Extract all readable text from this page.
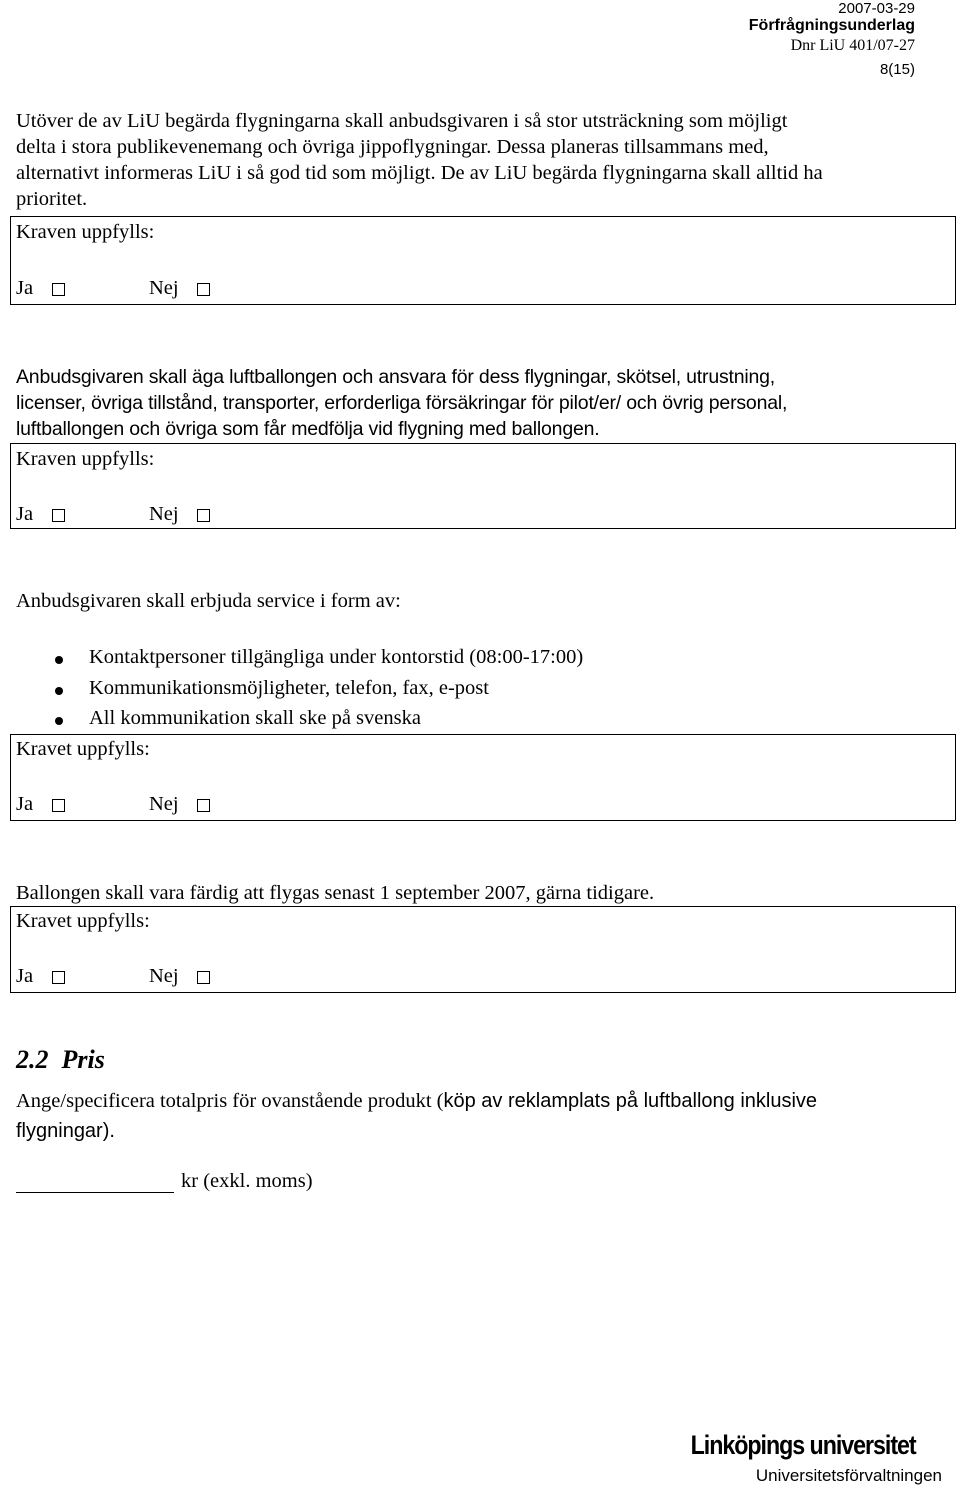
2007-03-29
Förfrågningsunderlag
Dnr LiU 401/07-27
8(15)
Utöver de av LiU begärda flygningarna skall anbudsgivaren i så stor utsträckning som möjligt
delta i stora publikevenemang och övriga jippoflygningar. Dessa planeras tillsammans med,
alternativt informeras LiU i så god tid som möjligt. De av LiU begärda flygningarna skall alltid ha
prioritet.
Kraven uppfylls:
Ja	Nej
Anbudsgivaren skall äga luftballongen och ansvara för dess flygningar, skötsel, utrustning,
licenser, övriga tillstånd, transporter, erforderliga försäkringar för pilot/er/ och övrig personal,
luftballongen och övriga som får medfölja vid flygning med ballongen.
Kraven uppfylls:
Ja	Nej
Anbudsgivaren skall erbjuda service i form av:
Kontaktpersoner tillgängliga under kontorstid (08:00-17:00)
Kommunikationsmöjligheter, telefon, fax, e-post
All kommunikation skall ske på svenska
Kravet uppfylls:
Ja	Nej
Ballongen skall vara färdig att flygas senast 1 september 2007, gärna tidigare.
Kravet uppfylls:
Ja	Nej
2.2  Pris
Ange/specificera totalpris för ovanstående produkt (köp av reklamplats på luftballong inklusive
flygningar).
kr (exkl. moms)
Linköpings universitet
Universitetsförvaltningen
